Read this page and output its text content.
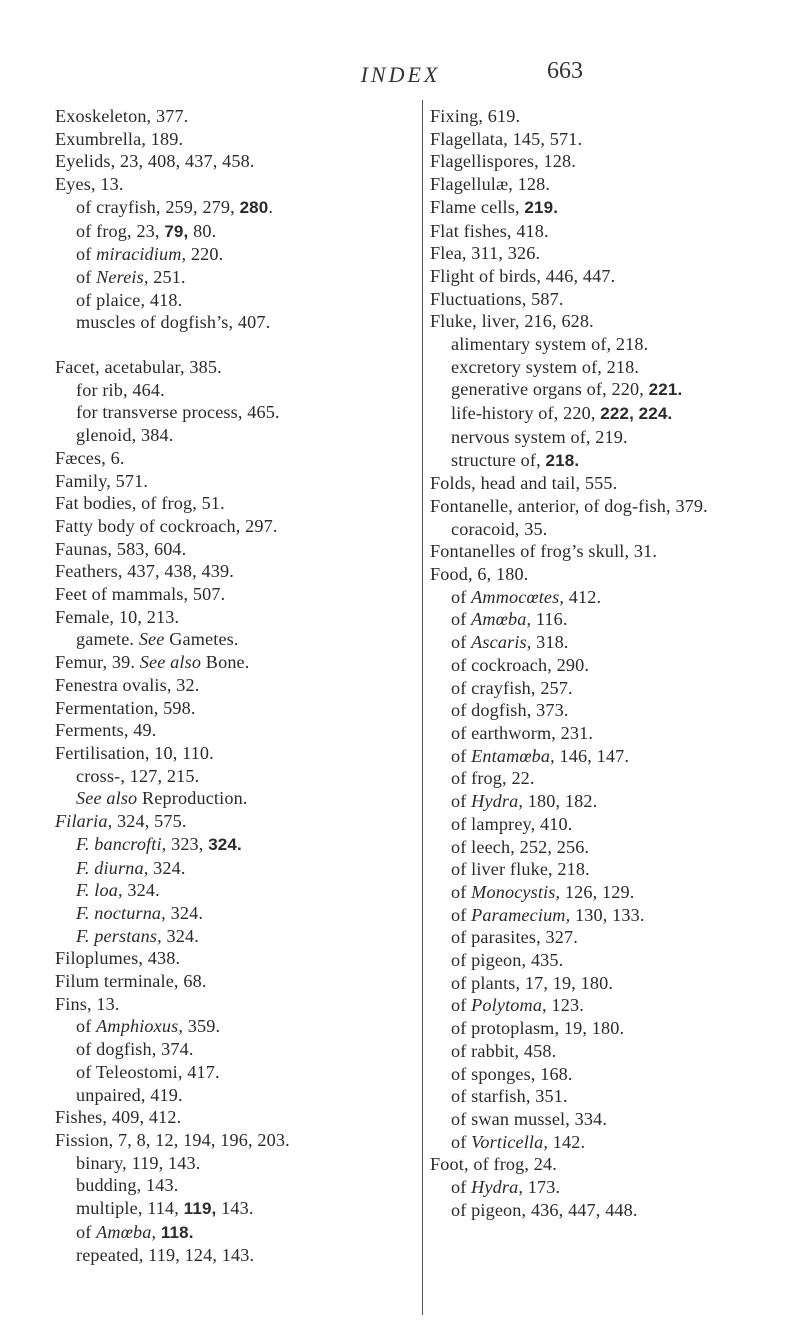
INDEX	663
Exoskeleton, 377.
Exumbrella, 189.
Eyelids, 23, 408, 437, 458.
Eyes, 13.
of crayfish, 259, 279, 280.
of frog, 23, 79, 80.
of miracidium, 220.
of Nereis, 251.
of plaice, 418.
muscles of dogfish’s, 407.
Facet, acetabular, 385.
for rib, 464.
for transverse process, 465.
glenoid, 384.
Fæces, 6.
Family, 571.
Fat bodies, of frog, 51.
Fatty body of cockroach, 297.
Faunas, 583, 604.
Feathers, 437, 438, 439.
Feet of mammals, 507.
Female, 10, 213.
gamete. See Gametes.
Femur, 39. See also Bone.
Fenestra ovalis, 32.
Fermentation, 598.
Ferments, 49.
Fertilisation, 10, 110.
cross-, 127, 215.
See also Reproduction.
Filaria, 324, 575.
F. bancrofti, 323, 324.
F. diurna, 324.
F. loa, 324.
F. nocturna, 324.
F. perstans, 324.
Filoplumes, 438.
Filum terminale, 68.
Fins, 13.
of Amphioxus, 359.
of dogfish, 374.
of Teleostomi, 417.
unpaired, 419.
Fishes, 409, 412.
Fission, 7, 8, 12, 194, 196, 203.
binary, 119, 143.
budding, 143.
multiple, 114, 119, 143.
of Amœba, 118.
repeated, 119, 124, 143.
Fixing, 619.
Flagellata, 145, 571.
Flagellispores, 128.
Flagellulæ, 128.
Flame cells, 219.
Flat fishes, 418.
Flea, 311, 326.
Flight of birds, 446, 447.
Fluctuations, 587.
Fluke, liver, 216, 628.
alimentary system of, 218.
excretory system of, 218.
generative organs of, 220, 221.
life-history of, 220, 222, 224.
nervous system of, 219.
structure of, 218.
Folds, head and tail, 555.
Fontanelle, anterior, of dog-fish, 379.
coracoid, 35.
Fontanelles of frog’s skull, 31.
Food, 6, 180.
of Ammocœtes, 412.
of Amœba, 116.
of Ascaris, 318.
of cockroach, 290.
of crayfish, 257.
of dogfish, 373.
of earthworm, 231.
of Entamœba, 146, 147.
of frog, 22.
of Hydra, 180, 182.
of lamprey, 410.
of leech, 252, 256.
of liver fluke, 218.
of Monocystis, 126, 129.
of Paramecium, 130, 133.
of parasites, 327.
of pigeon, 435.
of plants, 17, 19, 180.
of Polytoma, 123.
of protoplasm, 19, 180.
of rabbit, 458.
of sponges, 168.
of starfish, 351.
of swan mussel, 334.
of Vorticella, 142.
Foot, of frog, 24.
of Hydra, 173.
of pigeon, 436, 447, 448.
